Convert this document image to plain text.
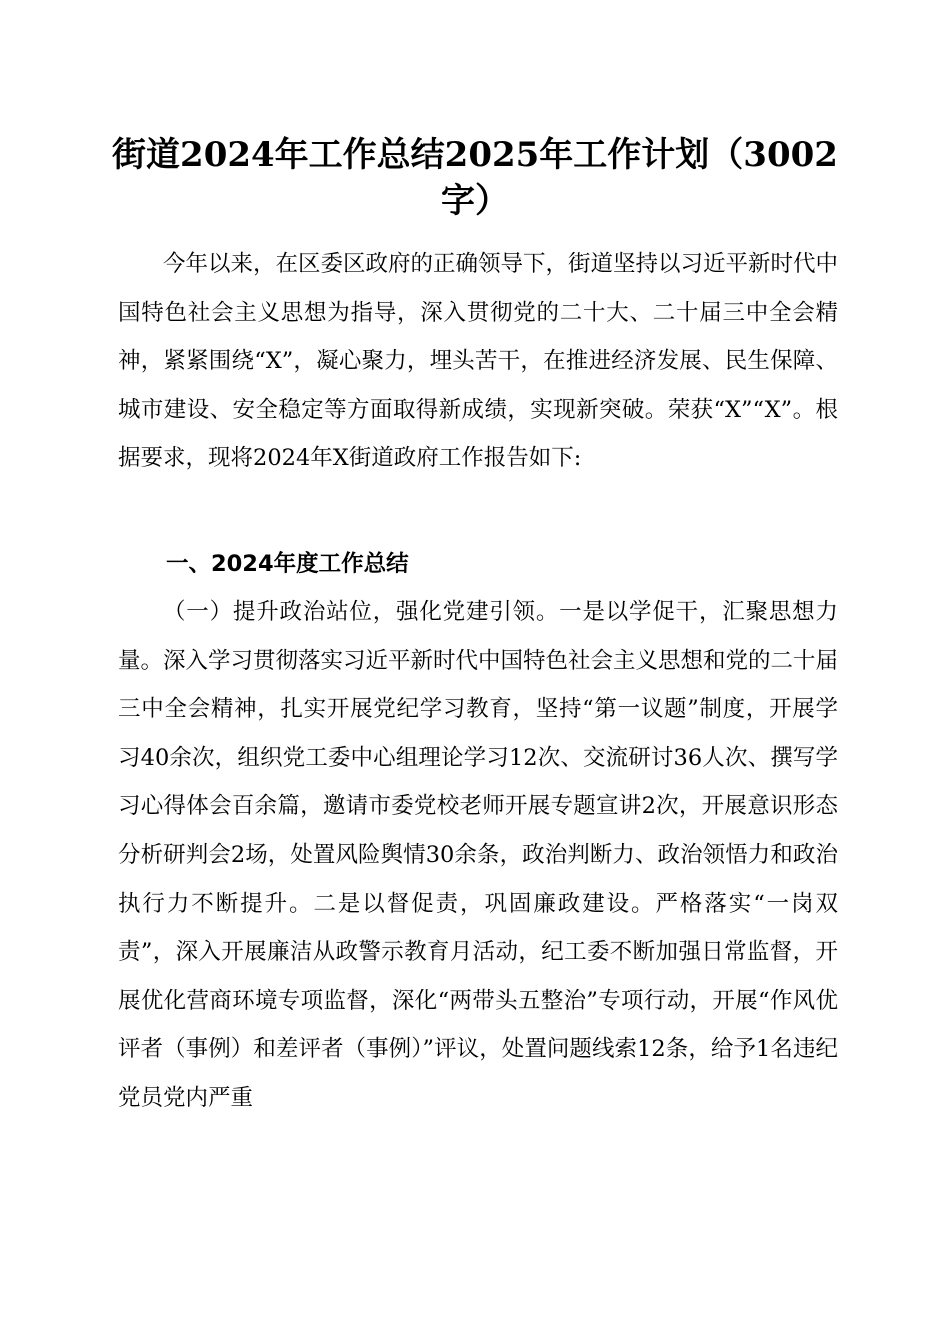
街道2024年工作总结2025年工作计划（3002字）

今年以来，在区委区政府的正确领导下，街道坚持以习近平新时代中国特色社会主义思想为指导，深入贯彻党的二十大、二十届三中全会精神，紧紧围绕“X”，凝心聚力，埋头苦干，在推进经济发展、民生保障、城市建设、安全稳定等方面取得新成绩，实现新突破。荣获“X”“X”。根据要求，现将2024年X街道政府工作报告如下:

一、2024年度工作总结

（一）提升政治站位，强化党建引领。一是以学促干，汇聚思想力量。深入学习贯彻落实习近平新时代中国特色社会主义思想和党的二十届三中全会精神，扎实开展党纪学习教育，坚持“第一议题”制度，开展学习40余次，组织党工委中心组理论学习12次、交流研讨36人次、撰写学习心得体会百余篇，邀请市委党校老师开展专题宣讲2次，开展意识形态分析研判会2场，处置风险舆情30余条，政治判断力、政治领悟力和政治执行力不断提升。二是以督促责，巩固廉政建设。严格落实“一岗双责”，深入开展廉洁从政警示教育月活动，纪工委不断加强日常监督，开展优化营商环境专项监督，深化“两带头五整治”专项行动，开展“作风优评者（事例）和差评者（事例）”评议，处置问题线索12条，给予1名违纪党员党内严重
